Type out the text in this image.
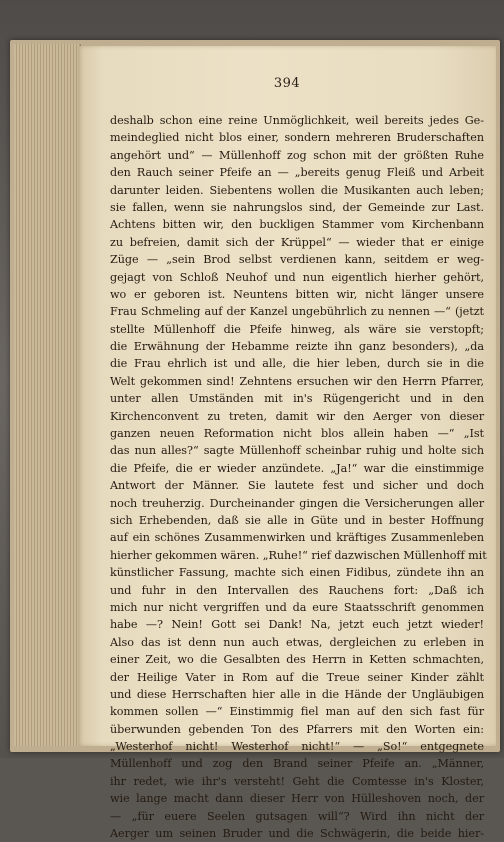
394
deshalb schon eine reine Unmöglichkeit, weil bereits jedes Ge-
meindeglied nicht blos einer, sondern mehreren Bruderschaften
angehört und“ — Müllenhoff zog schon mit der größten Ruhe
den Rauch seiner Pfeife an — „bereits genug Fleiß und Arbeit
darunter leiden. Siebentens wollen die Musikanten auch leben;
sie fallen, wenn sie nahrungslos sind, der Gemeinde zur Last.
Achtens bitten wir, den buckligen Stammer vom Kirchenbann
zu befreien, damit sich der Krüppel“ — wieder that er einige
Züge — „sein Brod selbst verdienen kann, seitdem er weg-
gejagt von Schloß Neuhof und nun eigentlich hierher gehört,
wo er geboren ist. Neuntens bitten wir, nicht länger unsere
Frau Schmeling auf der Kanzel ungebührlich zu nennen —“ (jetzt
stellte Müllenhoff die Pfeife hinweg, als wäre sie verstopft;
die Erwähnung der Hebamme reizte ihn ganz besonders), „da
die Frau ehrlich ist und alle, die hier leben, durch sie in die
Welt gekommen sind! Zehntens ersuchen wir den Herrn Pfarrer,
unter allen Umständen mit in's Rügengericht und in den
Kirchenconvent zu treten, damit wir den Aerger von dieser
ganzen neuen Reformation nicht blos allein haben —“ „Ist
das nun alles?“ sagte Müllenhoff scheinbar ruhig und holte sich
die Pfeife, die er wieder anzündete. „Ja!“ war die einstimmige
Antwort der Männer. Sie lautete fest und sicher und doch
noch treuherzig. Durcheinander gingen die Versicherungen aller
sich Erhebenden, daß sie alle in Güte und in bester Hoffnung
auf ein schönes Zusammenwirken und kräftiges Zusammenleben
hierher gekommen wären. „Ruhe!“ rief dazwischen Müllenhoff mit
künstlicher Fassung, machte sich einen Fidibus, zündete ihn an
und fuhr in den Intervallen des Rauchens fort: „Daß ich
mich nur nicht vergriffen und da eure Staatsschrift genommen
habe —? Nein! Gott sei Dank! Na, jetzt euch jetzt wieder!
Also das ist denn nun auch etwas, dergleichen zu erleben in
einer Zeit, wo die Gesalbten des Herrn in Ketten schmachten,
der Heilige Vater in Rom auf die Treue seiner Kinder zählt
und diese Herrschaften hier alle in die Hände der Ungläubigen
kommen sollen —“ Einstimmig fiel man auf den sich fast für
überwunden gebenden Ton des Pfarrers mit den Worten ein:
„Westerhof nicht! Westerhof nicht!“ — „So!“ entgegnete
Müllenhoff und zog den Brand seiner Pfeife an. „Männer,
ihr redet, wie ihr's versteht! Geht die Comtesse in's Kloster,
wie lange macht dann dieser Herr von Hülleshoven noch, der
— „für euere Seelen gutsagen will“? Wird ihn nicht der
Aerger um seinen Bruder und die Schwägerin, die beide hier-
